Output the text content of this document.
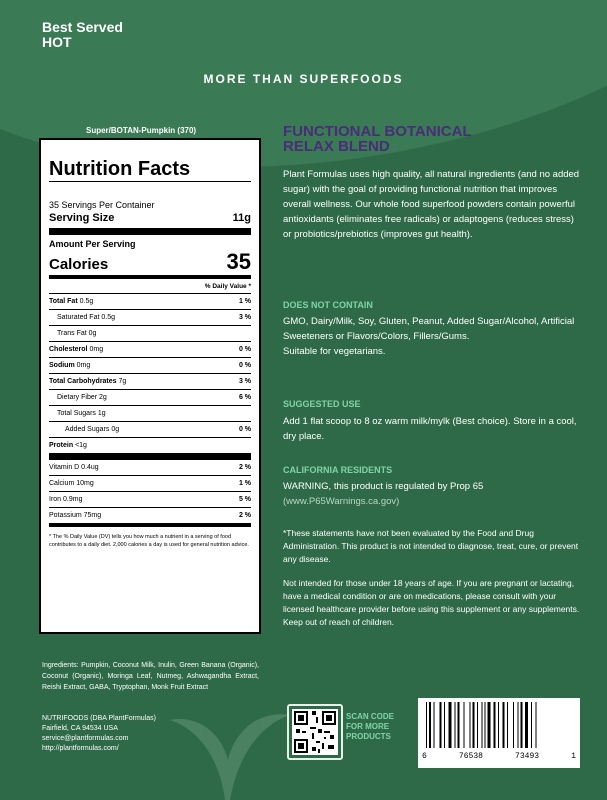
Best Served
HOT
MORE THAN SUPERFOODS
Super/BOTAN-Pumpkin (370)
Nutrition Facts
35 Servings Per Container
Serving Size	11g
Amount Per Serving
Calories	35
% Daily Value *
Total Fat 0.5g	1 %
Saturated Fat 0.5g	3 %
Trans Fat 0g
Cholesterol 0mg	0 %
Sodium 0mg	0 %
Total Carbohydrates 7g	3 %
Dietary Fiber 2g	6 %
Total Sugars 1g
Added Sugars 0g	0 %
Protein <1g
Vitamin D 0.4ug	2 %
Calcium 10mg	1 %
Iron 0.9mg	5 %
Potassium 75mg	2 %
* The % Daily Value (DV) tells you how much a nutrient in a serving of food contributes to a daily diet. 2,000 calories a day is used for general nutrition advice.
Ingredients: Pumpkin, Coconut Milk, Inulin, Green Banana (Organic), Coconut (Organic), Moringa Leaf, Nutmeg, Ashwagandha Extract, Reishi Extract, GABA, Tryptophan, Monk Fruit Extract
NUTRIFOODS (DBA PlantFormulas)
Fairfield, CA 94534 USA
service@plantformulas.com
http://plantformulas.com/
FUNCTIONAL BOTANICAL
RELAX BLEND
Plant Formulas uses high quality, all natural ingredients (and no added sugar) with the goal of providing functional nutrition that improves overall wellness. Our whole food superfood powders contain powerful antioxidants (eliminates free radicals) or adaptogens (reduces stress) or probiotics/prebiotics (improves gut health).
DOES NOT CONTAIN
GMO, Dairy/Milk, Soy, Gluten, Peanut, Added Sugar/Alcohol, Artificial Sweeteners or Flavors/Colors, Fillers/Gums.
Suitable for vegetarians.
SUGGESTED USE
Add 1 flat scoop to 8 oz warm milk/mylk (Best choice). Store in a cool, dry place.
CALIFORNIA RESIDENTS
WARNING, this product is regulated by Prop 65
(www.P65Warnings.ca.gov)
*These statements have not been evaluated by the Food and Drug Administration. This product is not intended to diagnose, treat, cure, or prevent any disease.
Not intended for those under 18 years of age. If you are pregnant or lactating, have a medical condition or are on medications, please consult with your licensed healthcare provider before using this supplement or any supplements. Keep out of reach of children.
SCAN CODE
FOR MORE
PRODUCTS
6	76538	73493	1
